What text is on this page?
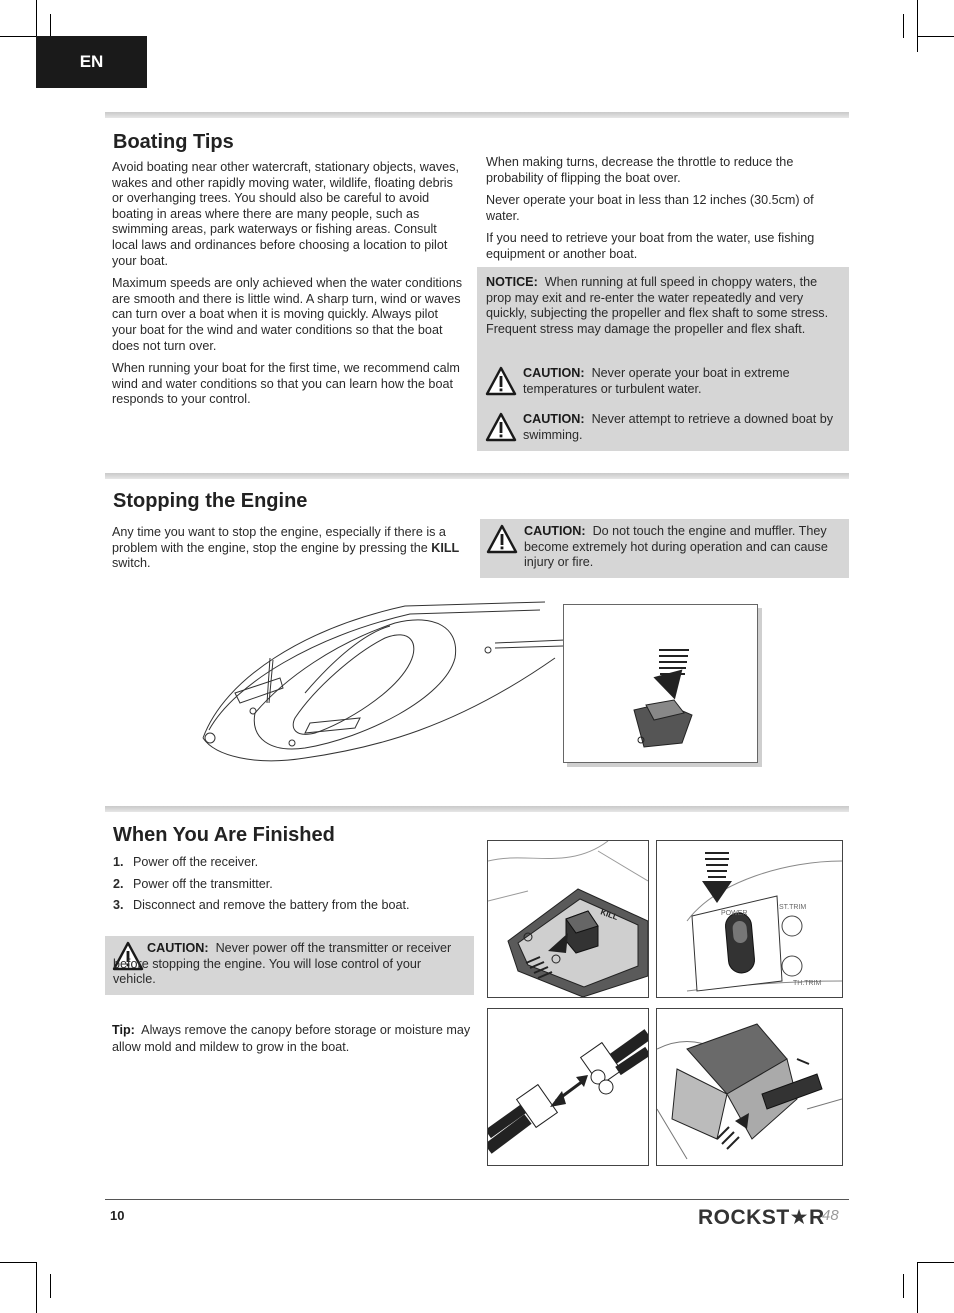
EN
Boating Tips

Avoid boating near other watercraft, stationary objects, waves, wakes and other rapidly moving water, wildlife, floating debris or overhanging trees. You should also be careful to avoid boating in areas where there are many people, such as swimming areas, park waterways or fishing areas. Consult local laws and ordinances before choosing a location to pilot your boat.

Maximum speeds are only achieved when the water conditions are smooth and there is little wind. A sharp turn, wind or waves can turn over a boat when it is moving quickly. Always pilot your boat for the wind and water conditions so that the boat does not turn over.

When running your boat for the first time, we recommend calm wind and water conditions so that you can learn how the boat responds to your control.

When making turns, decrease the throttle to reduce the probability of flipping the boat over.

Never operate your boat in less than 12 inches (30.5cm) of water.

If you need to retrieve your boat from the water, use fishing equipment or another boat.

NOTICE: When running at full speed in choppy waters, the prop may exit and re-enter the water repeatedly and very quickly, subjecting the propeller and flex shaft to some stress. Frequent stress may damage the propeller and flex shaft.

CAUTION: Never operate your boat in extreme temperatures or turbulent water.

CAUTION: Never attempt to retrieve a downed boat by swimming.

Stopping the Engine

Any time you want to stop the engine, especially if there is a problem with the engine, stop the engine by pressing the KILL switch.

CAUTION: Do not touch the engine and muffler. They become extremely hot during operation and can cause injury or fire.

When You Are Finished
1. Power off the receiver.
2. Power off the transmitter.
3. Disconnect and remove the battery from the boat.

CAUTION: Never power off the transmitter or receiver before stopping the engine. You will lose control of your vehicle.

Tip: Always remove the canopy before storage or moisture may allow mold and mildew to grow in the boat.
KILL	POWER
ST.TRIM
TH.TRIM
10	ROCKST★R
48
